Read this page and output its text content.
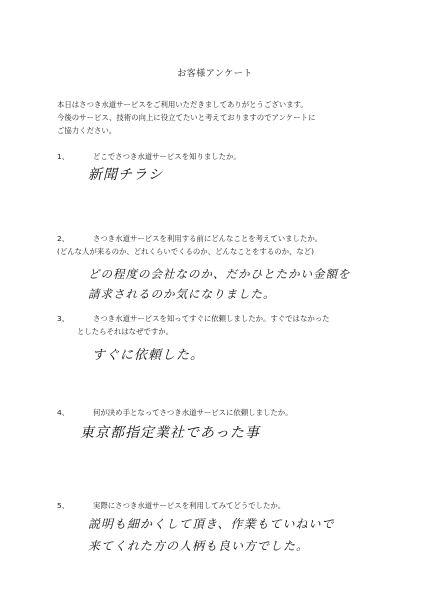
お客様アンケート
本日はさつき水道サービスをご利用いただきましてありがとうございます。
今後のサービス、技術の向上に役立てたいと考えておりますのでアンケートに
ご協力ください。
1、	どこでさつき水道サービスを知りましたか。
新聞チラシ
2、	さつき水道サービスを利用する前にどんなことを考えていましたか。
(どんな人が来るのか、どれくらいでくるのか、どんなことをするのか、など)
どの程度の会社なのか、だかひとたかい金額を
請求されるのか気になりました。
3、	さつき水道サービスを知ってすぐに依頼しましたか。すぐではなかった
としたらそれはなぜですか。
すぐに依頼した。
4、	何が決め手となってさつき水道サービスに依頼しましたか。
東京都指定業社であった事
5、	実際にさつき水道サービスを利用してみてどうでしたか。
説明も細かくして頂き、作業もていねいで
来てくれた方の人柄も良い方でした。
